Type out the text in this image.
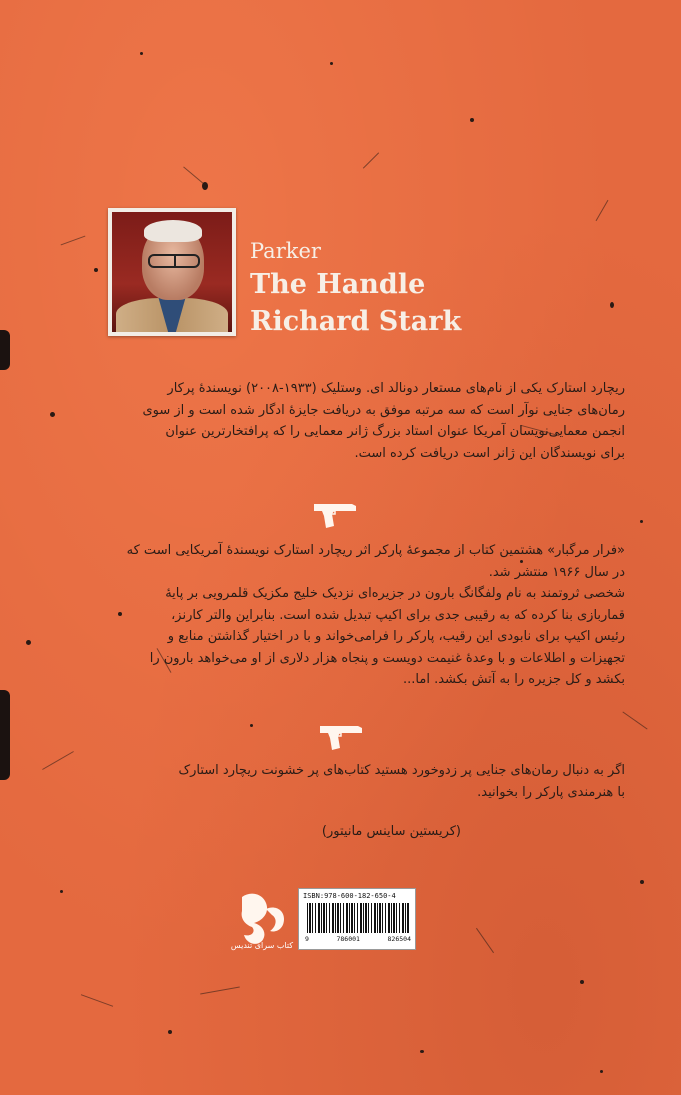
Parker
The Handle
Richard Stark
ریچارد استارک یکی از نام‌های مستعار دونالد ای. وستلیک (۱۹۳۳-۲۰۰۸) نویسندهٔ پرکار
رمان‌های جنایی نوآر است که سه مرتبه موفق به دریافت جایزهٔ ادگار شده است و از سوی
انجمن معمایی‌نویسان آمریکا عنوان استاد بزرگ ژانر معمایی را که پرافتخارترین عنوان
برای نویسندگان این ژانر است دریافت کرده است.
«فرار مرگبار» هشتمین کتاب از مجموعهٔ پارکر اثر ریچارد استارک نویسندهٔ آمریکایی است که
در سال ۱۹۶۶ منتشر شد.
شخصی ثروتمند به نام ولفگانگ بارون در جزیره‌ای نزدیک خلیج مکزیک قلمرویی بر پایهٔ
قماربازی بنا کرده که به رقیبی جدی برای اکیپ تبدیل شده است. بنابراین والتر کارنز،
رئیس اکیپ برای نابودی این رقیب، پارکر را فرامی‌خواند و با در اختیار گذاشتن منابع و
تجهیزات و اطلاعات و با وعدهٔ غنیمت دویست و پنجاه هزار دلاری از او می‌خواهد بارون را
بکشد و کل جزیره را به آتش بکشد. اما...
اگر به دنبال رمان‌های جنایی پر زدوخورد هستید کتاب‌های پر خشونت ریچارد استارک
با هنرمندی پارکر را بخوانید.
(کریستین ساینس مانیتور)
کتاب سرای تندیس
ISBN:978-600-182-650-4
9	786001	826504
